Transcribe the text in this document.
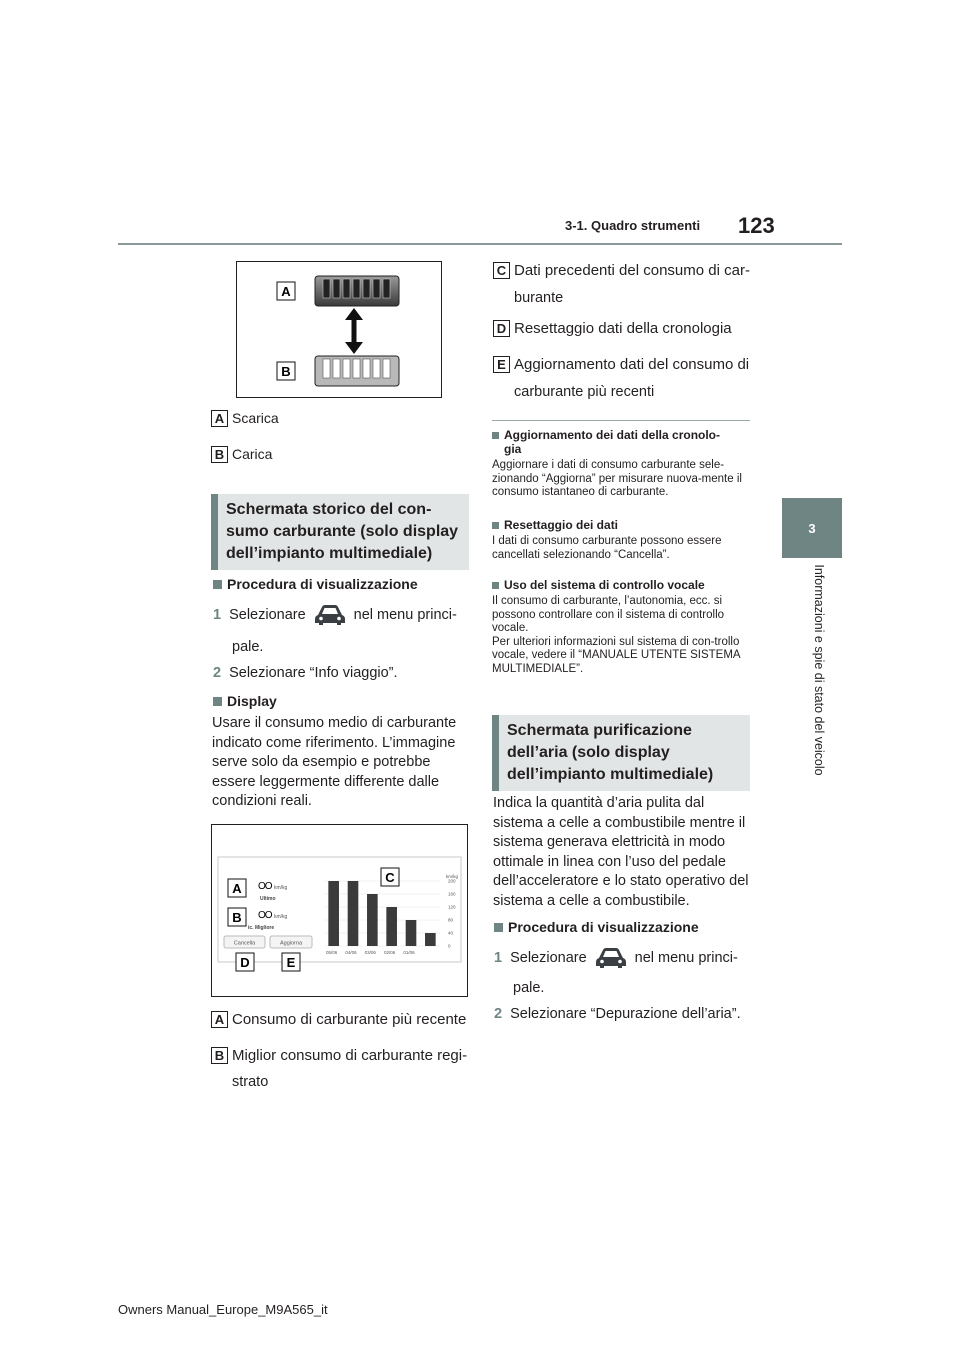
3-1. Quadro strumenti 123
3
Informazioni e spie di stato del veicolo
A
B
A Scarica
B Carica
Schermata storico del con-
sumo carburante (solo display
dell’impianto multimediale)
Procedura di visualizzazione
1 Selezionare	nel menu princi-
pale.
2 Selezionare “Info viaggio”.
Display
Usare il consumo medio di carburante indicato come riferimento. L’immagine serve solo da esempio e potrebbe essere leggermente differente dalle condizioni reali.
OO km/kg
Ultimo
OO km/kg
ic. Migliore
Cancella	Aggiorna
200
160
120
80
40
0
05/06 04/06 03/06 02/06 01/06
km/kg
A
B
C
D	E
A Consumo di carburante più recente
B Miglior consumo di carburante regi-
strato
C Dati precedenti del consumo di car-
burante
D Resettaggio dati della cronologia
E Aggiornamento dati del consumo di
carburante più recenti
Aggiornamento dei dati della cronolo-
gia
Aggiornare i dati di consumo carburante sele-zionando “Aggiorna” per misurare nuova-mente il consumo istantaneo di carburante.
Resettaggio dei dati
I dati di consumo carburante possono essere cancellati selezionando “Cancella”.
Uso del sistema di controllo vocale
Il consumo di carburante, l’autonomia, ecc. si possono controllare con il sistema di controllo vocale.
Per ulteriori informazioni sul sistema di con-trollo vocale, vedere il “MANUALE UTENTE SISTEMA MULTIMEDIALE”.
Schermata purificazione
dell’aria (solo display
dell’impianto multimediale)
Indica la quantità d’aria pulita dal sistema a celle a combustibile mentre il sistema generava elettricità in modo ottimale in linea con l’uso del pedale dell’acceleratore e lo stato operativo del sistema a celle a combustibile.
Procedura di visualizzazione
1 Selezionare	nel menu princi-
pale.
2 Selezionare “Depurazione dell’aria”.
Owners Manual_Europe_M9A565_it
